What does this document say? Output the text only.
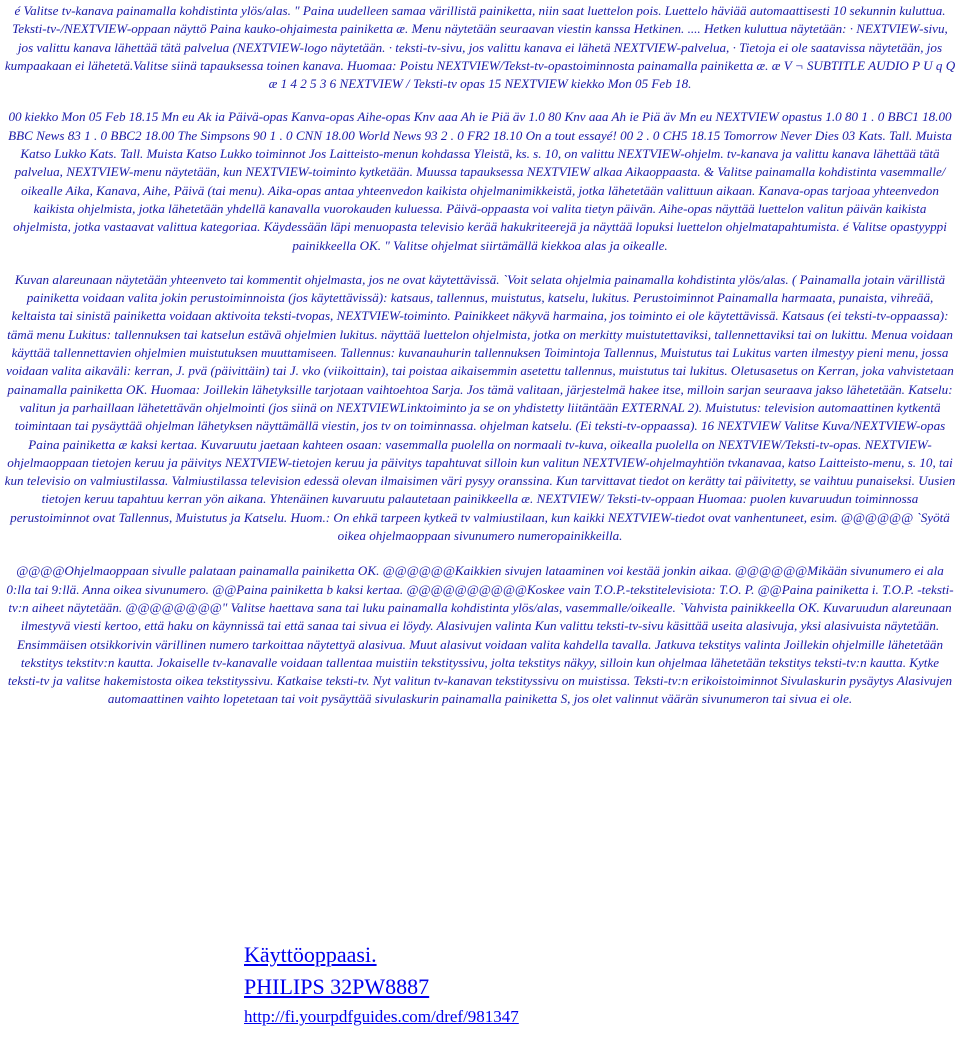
é Valitse tv-kanava painamalla kohdistinta ylös/alas. " Paina uudelleen samaa värillistä painiketta, niin saat luettelon pois. Luettelo häviää automaattisesti 10 sekunnin kuluttua. Teksti-tv-/NEXTVIEW-oppaan näyttö Paina kauko-ohjaimesta painiketta æ. Menu näytetään seuraavan viestin kanssa Hetkinen. .... Hetken kuluttua näytetään: · NEXTVIEW-sivu, jos valittu kanava lähettää tätä palvelua (NEXTVIEW-logo näytetään. · teksti-tv-sivu, jos valittu kanava ei lähetä NEXTVIEW-palvelua, · Tietoja ei ole saatavissa näytetään, jos kumpaakaan ei lähetetä.Valitse siinä tapauksessa toinen kanava. Huomaa: Poistu NEXTVIEW/Tekst-tv-opastoiminnosta painamalla painiketta æ. æ V ¬ SUBTITLE AUDIO P U q Q æ 1 4 2 5 3 6 NEXTVIEW / Teksti-tv opas 15 NEXTVIEW kiekko Mon 05 Feb 18.

00 kiekko Mon 05 Feb 18.15 Mn eu Ak ia Päivä-opas Kanva-opas Aihe-opas Knv aaa Ah ie Piä äv 1.0 80 Knv aaa Ah ie Piä äv Mn eu NEXTVIEW opastus 1.0 80 1 . 0 BBC1 18.00 BBC News 83 1 . 0 BBC2 18.00 The Simpsons 90 1 . 0 CNN 18.00 World News 93 2 . 0 FR2 18.10 On a tout essayé! 00 2 . 0 CH5 18.15 Tomorrow Never Dies 03 Kats. Tall. Muista Katso Lukko Kats. Tall. Muista Katso Lukko toiminnot Jos Laitteisto-menun kohdassa Yleistä, ks. s. 10, on valittu NEXTVIEW-ohjelm. tv-kanava ja valittu kanava lähettää tätä palvelua, NEXTVIEW-menu näytetään, kun NEXTVIEW-toiminto kytketään. Muussa tapauksessa NEXTVIEW alkaa Aikaoppaasta. & Valitse painamalla kohdistinta vasemmalle/ oikealle Aika, Kanava, Aihe, Päivä (tai menu). Aika-opas antaa yhteenvedon kaikista ohjelmanimikkeistä, jotka lähetetään valittuun aikaan. Kanava-opas tarjoaa yhteenvedon kaikista ohjelmista, jotka lähetetään yhdellä kanavalla vuorokauden kuluessa. Päivä-oppaasta voi valita tietyn päivän. Aihe-opas näyttää luettelon valitun päivän kaikista ohjelmista, jotka vastaavat valittua kategoriaa. Käydessään läpi menuopasta televisio kerää hakukriteerejä ja näyttää lopuksi luettelon ohjelmatapahtumista. é Valitse opastyyppi painikkeella OK. " Valitse ohjelmat siirtämällä kiekkoa alas ja oikealle.

Kuvan alareunaan näytetään yhteenveto tai kommentit ohjelmasta, jos ne ovat käytettävissä. `Voit selata ohjelmia painamalla kohdistinta ylös/alas. ( Painamalla jotain värillistä painiketta voidaan valita jokin perustoiminnoista (jos käytettävissä): katsaus, tallennus, muistutus, katselu, lukitus. Perustoiminnot Painamalla harmaata, punaista, vihreää, keltaista tai sinistä painiketta voidaan aktivoita teksti-tvopas, NEXTVIEW-toiminto. Painikkeet näkyvä harmaina, jos toiminto ei ole käytettävissä. Katsaus (ei teksti-tv-oppaassa): tämä menu Lukitus: tallennuksen tai katselun estävä ohjelmien lukitus. näyttää luettelon ohjelmista, jotka on merkitty muistutettaviksi, tallennettaviksi tai on lukittu. Menua voidaan käyttää tallennettavien ohjelmien muistutuksen muuttamiseen. Tallennus: kuvanauhurin tallennuksen Toimintoja Tallennus, Muistutus tai Lukitus varten ilmestyy pieni menu, jossa voidaan valita aikaväli: kerran, J. pvä (päivittäin) tai J. vko (viikoittain), tai poistaa aikaisemmin asetettu tallennus, muistutus tai lukitus. Oletusasetus on Kerran, joka vahvistetaan painamalla painiketta OK. Huomaa: Joillekin lähetyksille tarjotaan vaihtoehtoa Sarja. Jos tämä valitaan, järjestelmä hakee itse, milloin sarjan seuraava jakso lähetetään. Katselu: valitun ja parhaillaan lähetettävän ohjelmointi (jos siinä on NEXTVIEWLinktoiminto ja se on yhdistetty liitäntään EXTERNAL 2). Muistutus: television automaattinen kytkentä toimintaan tai pysäyttää ohjelman lähetyksen näyttämällä viestin, jos tv on toiminnassa. ohjelman katselu. (Ei teksti-tv-oppaassa). 16 NEXTVIEW Valitse Kuva/NEXTVIEW-opas Paina painiketta æ kaksi kertaa. Kuvaruutu jaetaan kahteen osaan: vasemmalla puolella on normaali tv-kuva, oikealla puolella on NEXTVIEW/Teksti-tv-opas. NEXTVIEW-ohjelmaoppaan tietojen keruu ja päivitys NEXTVIEW-tietojen keruu ja päivitys tapahtuvat silloin kun valitun NEXTVIEW-ohjelmayhtiön tvkanavaa, katso Laitteisto-menu, s. 10, tai kun televisio on valmiustilassa. Valmiustilassa television edessä olevan ilmaisimen väri pysyy oranssina. Kun tarvittavat tiedot on kerätty tai päivitetty, se vaihtuu punaiseksi. Uusien tietojen keruu tapahtuu kerran yön aikana. Yhtenäinen kuvaruutu palautetaan painikkeella æ. NEXTVIEW/ Teksti-tv-oppaan Huomaa: puolen kuvaruudun toiminnossa perustoiminnot ovat Tallennus, Muistutus ja Katselu. Huom.: On ehkä tarpeen kytkeä tv valmiustilaan, kun kaikki NEXTVIEW-tiedot ovat vanhentuneet, esim. @@@@@@ `Syötä oikea ohjelmaoppaan sivunumero numeropainikkeilla.

@@@@Ohjelmaoppaan sivulle palataan painamalla painiketta OK. @@@@@@Kaikkien sivujen lataaminen voi kestää jonkin aikaa. @@@@@@Mikään sivunumero ei ala 0:lla tai 9:llä. Anna oikea sivunumero. @@Paina painiketta b kaksi kertaa. @@@@@@@@@@Koskee vain T.O.P.-tekstitelevisiota: T.O. P. @@Paina painiketta i. T.O.P. -teksti-tv:n aiheet näytetään. @@@@@@@@" Valitse haettava sana tai luku painamalla kohdistinta ylös/alas, vasemmalle/oikealle. `Vahvista painikkeella OK. Kuvaruudun alareunaan ilmestyvä viesti kertoo, että haku on käynnissä tai että sanaa tai sivua ei löydy. Alasivujen valinta Kun valittu teksti-tv-sivu käsittää useita alasivuja, yksi alasivuista näytetään. Ensimmäisen otsikkorivin värillinen numero tarkoittaa näytettyä alasivua. Muut alasivut voidaan valita kahdella tavalla. Jatkuva tekstitys valinta Joillekin ohjelmille lähetetään tekstitys tekstitv:n kautta. Jokaiselle tv-kanavalle voidaan tallentaa muistiin tekstityssivu, jolta tekstitys näkyy, silloin kun ohjelmaa lähetetään tekstitys teksti-tv:n kautta. Kytke teksti-tv ja valitse hakemistosta oikea tekstityssivu. Katkaise teksti-tv. Nyt valitun tv-kanavan tekstityssivu on muistissa. Teksti-tv:n erikoistoiminnot Sivulaskurin pysäytys Alasivujen automaattinen vaihto lopetetaan tai voit pysäyttää sivulaskurin painamalla painiketta S, jos olet valinnut väärän sivunumeron tai sivua ei ole.

Käyttöoppaasi.
PHILIPS 32PW8887
http://fi.yourpdfguides.com/dref/981347
